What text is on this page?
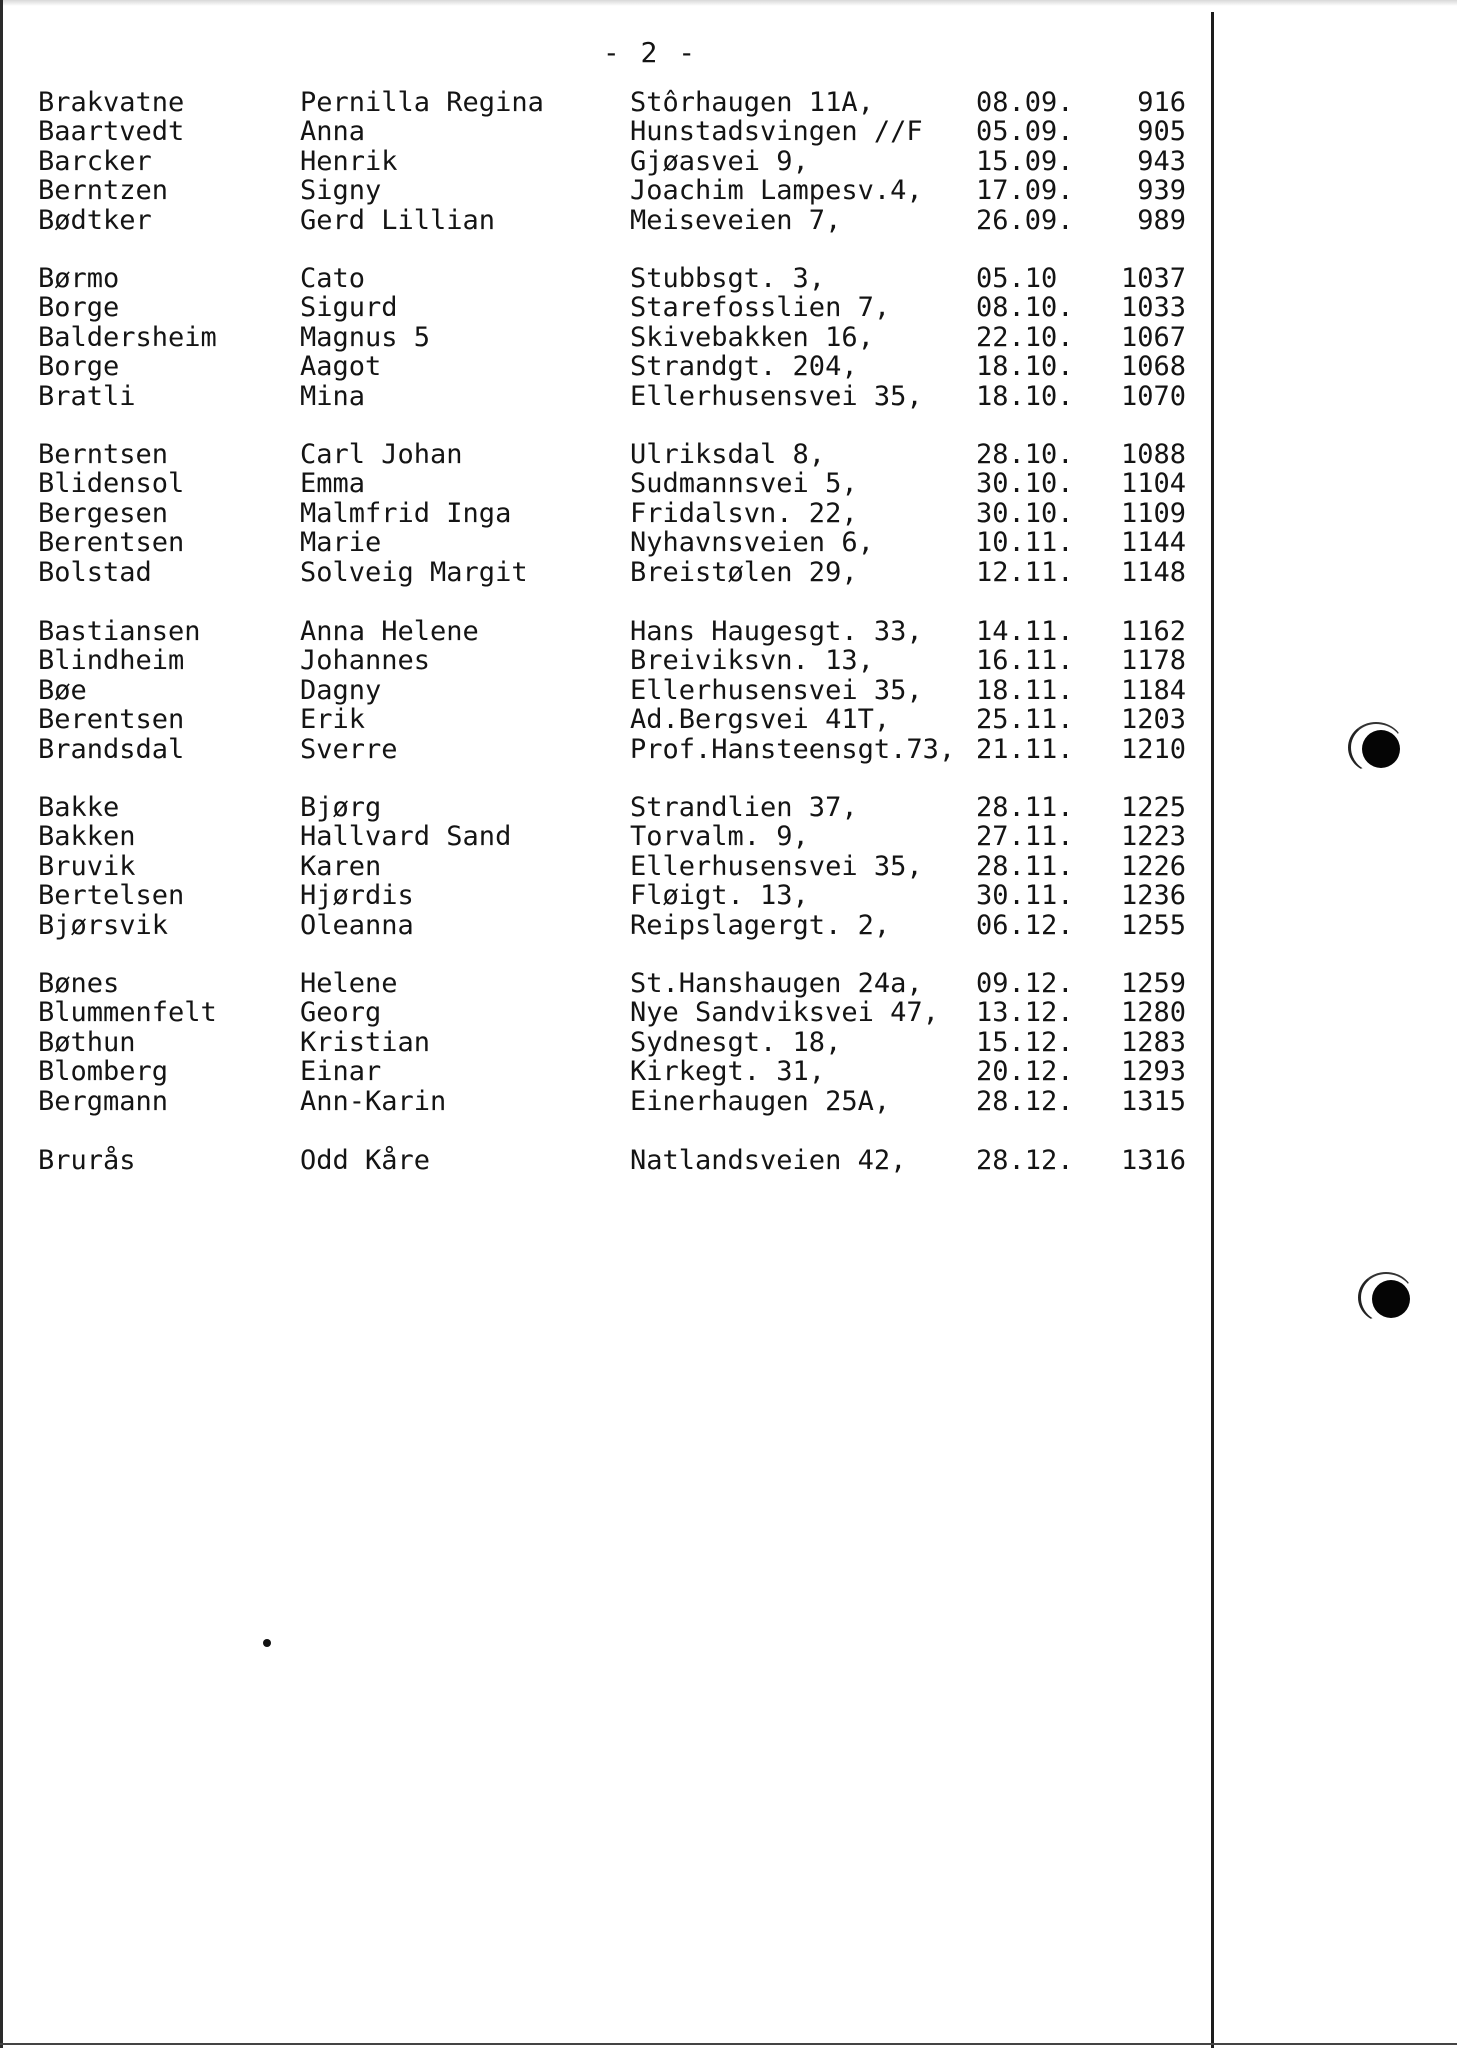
- 2 -
Brakvatne	Pernilla Regina	Stôrhaugen 11A,	08.09.	916
Baartvedt	Anna	Hunstadsvingen //F 05.09.	905
Barcker	Henrik	Gjøasvei 9,	15.09.	943
Berntzen	Signy	Joachim Lampesv.4, 17.09.	939
Bødtker	Gerd Lillian	Meiseveien 7,	26.09.	989
Børmo	Cato	Stubbsgt. 3,	05.10	1037
Borge	Sigurd	Starefosslien 7,	08.10.	1033
Baldersheim	Magnus 5	Skivebakken 16,	22.10.	1067
Borge	Aagot	Strandgt. 204,	18.10.	1068
Bratli	Mina	Ellerhusensvei 35, 18.10.	1070
Berntsen	Carl Johan	Ulriksdal 8,	28.10.	1088
Blidensol	Emma	Sudmannsvei 5,	30.10.	1104
Bergesen	Malmfrid Inga	Fridalsvn. 22,	30.10.	1109
Berentsen	Marie	Nyhavnsveien 6,	10.11.	1144
Bolstad	Solveig Margit	Breistølen 29,	12.11.	1148
Bastiansen	Anna Helene	Hans Haugesgt. 33, 14.11.	1162
Blindheim	Johannes	Breiviksvn. 13,	16.11.	1178
Bøe	Dagny	Ellerhusensvei 35, 18.11.	1184
Berentsen	Erik	Ad.Bergsvei 41T,	25.11.	1203
Brandsdal	Sverre	Prof.Hansteensgt.73, 21.11.	1210
Bakke	Bjørg	Strandlien 37,	28.11.	1225
Bakken	Hallvard Sand	Torvalm. 9,	27.11.	1223
Bruvik	Karen	Ellerhusensvei 35, 28.11.	1226
Bertelsen	Hjørdis	Fløigt. 13,	30.11.	1236
Bjørsvik	Oleanna	Reipslagergt. 2,	06.12.	1255
Bønes	Helene	St.Hanshaugen 24a, 09.12.	1259
Blummenfelt	Georg	Nye Sandviksvei 47, 13.12.	1280
Bøthun	Kristian	Sydnesgt. 18,	15.12.	1283
Blomberg	Einar	Kirkegt. 31,	20.12.	1293
Bergmann	Ann-Karin	Einerhaugen 25A,	28.12.	1315
Brurås	Odd Kåre	Natlandsveien 42,	28.12.	1316
